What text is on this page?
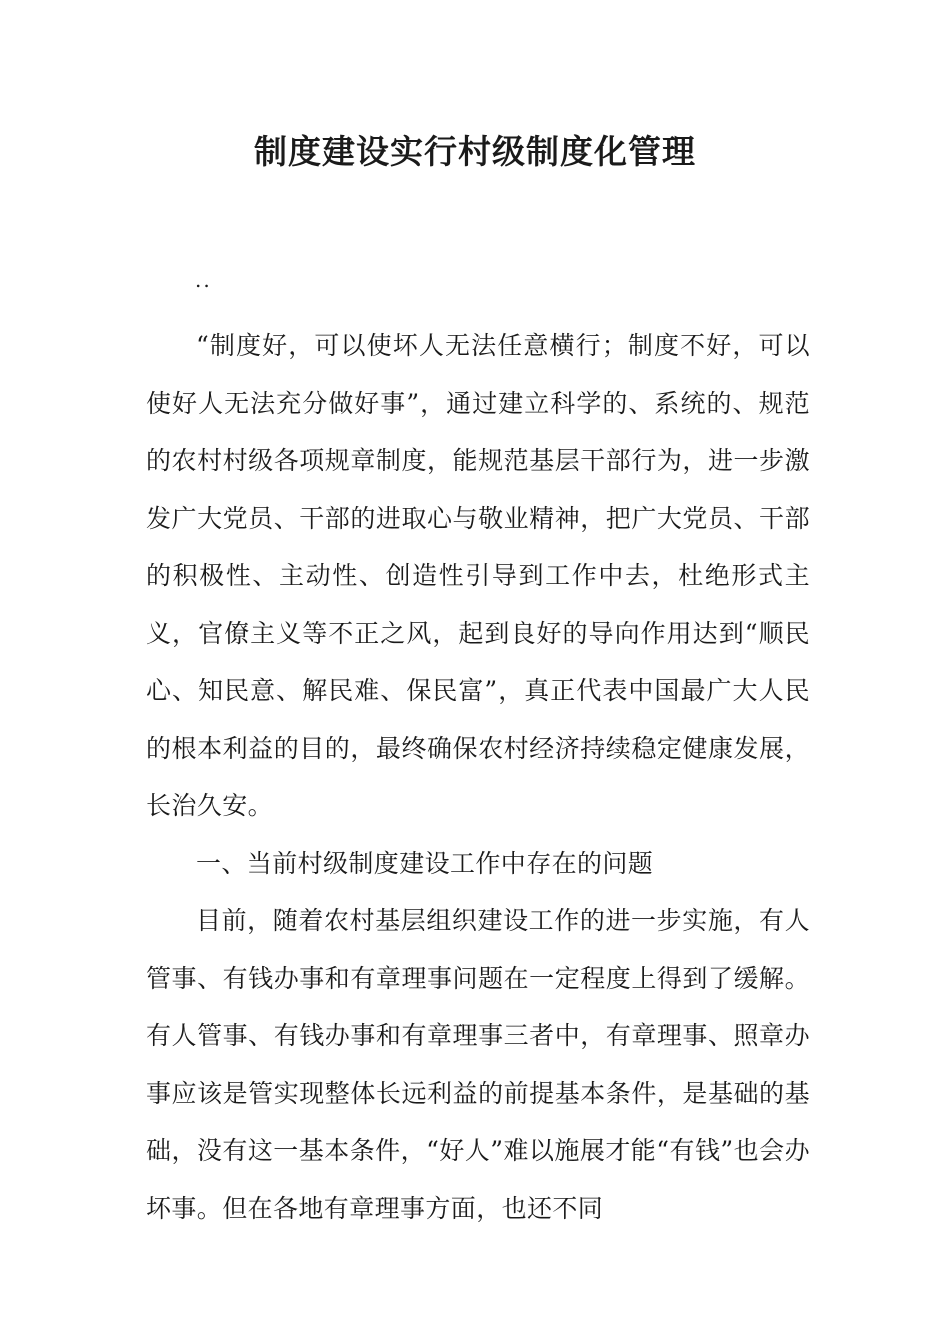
制度建设实行村级制度化管理

..

“制度好，可以使坏人无法任意横行；制度不好，可以使好人无法充分做好事”，通过建立科学的、系统的、规范的农村村级各项规章制度，能规范基层干部行为，进一步激发广大党员、干部的进取心与敬业精神，把广大党员、干部的积极性、主动性、创造性引导到工作中去，杜绝形式主义，官僚主义等不正之风，起到良好的导向作用达到“顺民心、知民意、解民难、保民富”，真正代表中国最广大人民的根本利益的目的，最终确保农村经济持续稳定健康发展，长治久安。

一、当前村级制度建设工作中存在的问题

目前，随着农村基层组织建设工作的进一步实施，有人管事、有钱办事和有章理事问题在一定程度上得到了缓解。有人管事、有钱办事和有章理事三者中，有章理事、照章办事应该是管实现整体长远利益的前提基本条件，是基础的基础，没有这一基本条件，“好人”难以施展才能“有钱”也会办坏事。但在各地有章理事方面，也还不同
